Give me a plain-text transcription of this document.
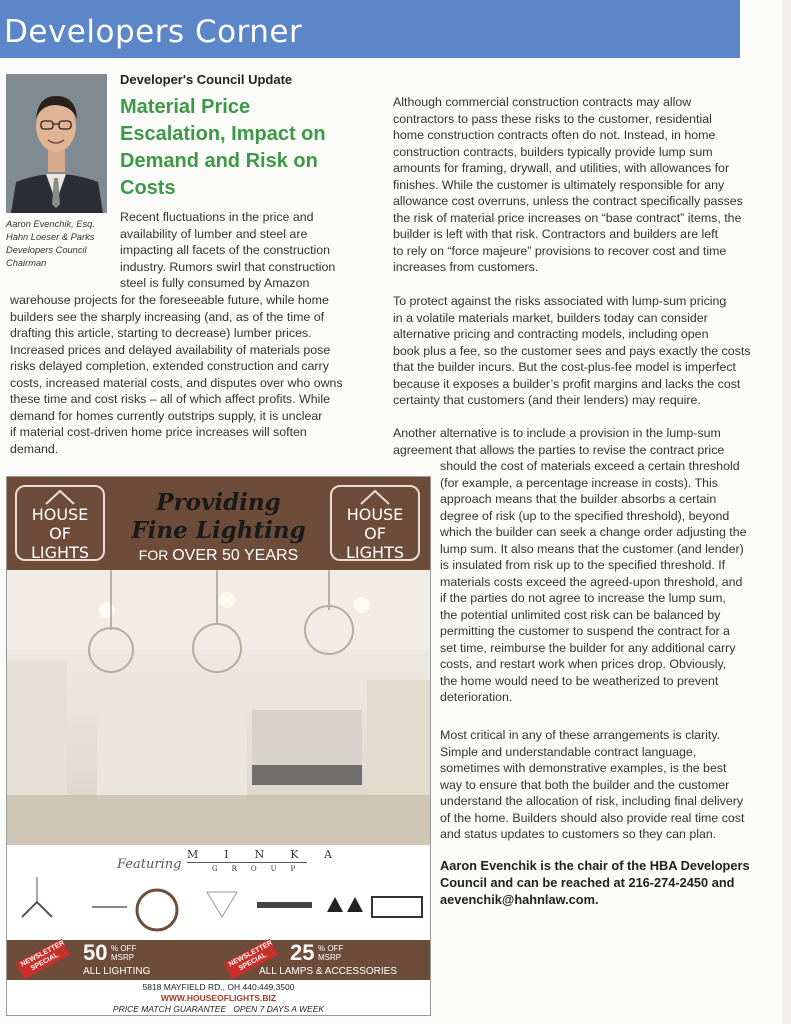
Developers Corner
Aaron Evenchik, Esq.
Hahn Loeser & Parks
Developers Council
Chairman
Developer's Council Update
Material Price
Escalation, Impact on
Demand and Risk on
Costs
Recent fluctuations in the price and
availability of lumber and steel are
impacting all facets of the construction
industry. Rumors swirl that construction
steel is fully consumed by Amazon
warehouse projects for the foreseeable future, while home
builders see the sharply increasing (and, as of the time of
drafting this article, starting to decrease) lumber prices.
Increased prices and delayed availability of materials pose
risks delayed completion, extended construction and carry
costs, increased material costs, and disputes over who owns
these time and cost risks – all of which affect profits. While
demand for homes currently outstrips supply, it is unclear
if material cost-driven home price increases will soften
demand.
Although commercial construction contracts may allow
contractors to pass these risks to the customer, residential
home construction contracts often do not. Instead, in home
construction contracts, builders typically provide lump sum
amounts for framing, drywall, and utilities, with allowances for
finishes. While the customer is ultimately responsible for any
allowance cost overruns, unless the contract specifically passes
the risk of material price increases on “base contract” items, the
builder is left with that risk. Contractors and builders are left
to rely on “force majeure” provisions to recover cost and time
increases from customers.
To protect against the risks associated with lump-sum pricing
in a volatile materials market, builders today can consider
alternative pricing and contracting models, including open
book plus a fee, so the customer sees and pays exactly the costs
that the builder incurs. But the cost-plus-fee model is imperfect
because it exposes a builder’s profit margins and lacks the cost
certainty that customers (and their lenders) may require.
Another alternative is to include a provision in the lump-sum
agreement that allows the parties to revise the contract price
should the cost of materials exceed a certain threshold
(for example, a percentage increase in costs). This
approach means that the builder absorbs a certain
degree of risk (up to the specified threshold), beyond
which the builder can seek a change order adjusting the
lump sum. It also means that the customer (and lender)
is insulated from risk up to the specified threshold. If
materials costs exceed the agreed-upon threshold, and
if the parties do not agree to increase the lump sum,
the potential unlimited cost risk can be balanced by
permitting the customer to suspend the contract for a
set time, reimburse the builder for any additional carry
costs, and restart work when prices drop. Obviously,
the home would need to be weatherized to prevent
deterioration.
Most critical in any of these arrangements is clarity.
Simple and understandable contract language,
sometimes with demonstrative examples, is the best
way to ensure that both the builder and the customer
understand the allocation of risk, including final delivery
of the home. Builders should also provide real time cost
and status updates to customers so they can plan.
Aaron Evenchik is the chair of the HBA Developers
Council and can be reached at 216-274-2450 and
aevenchik@hahnlaw.com.
HOUSE
OF
LIGHTS
HOUSE
OF
LIGHTS
Providing
Fine Lighting
FOR OVER 50 YEARS
Featuring
MINKA
GROUP
NEWSLETTER SPECIAL	50 % OFF
MSRP
ALL LIGHTING
NEWSLETTER SPECIAL	25 % OFF
MSRP
ALL LAMPS & ACCESSORIES
5818 MAYFIELD RD., OH 440.449.3500
WWW.HOUSEOFLIGHTS.BIZ
PRICE MATCH GUARANTEE OPEN 7 DAYS A WEEK
